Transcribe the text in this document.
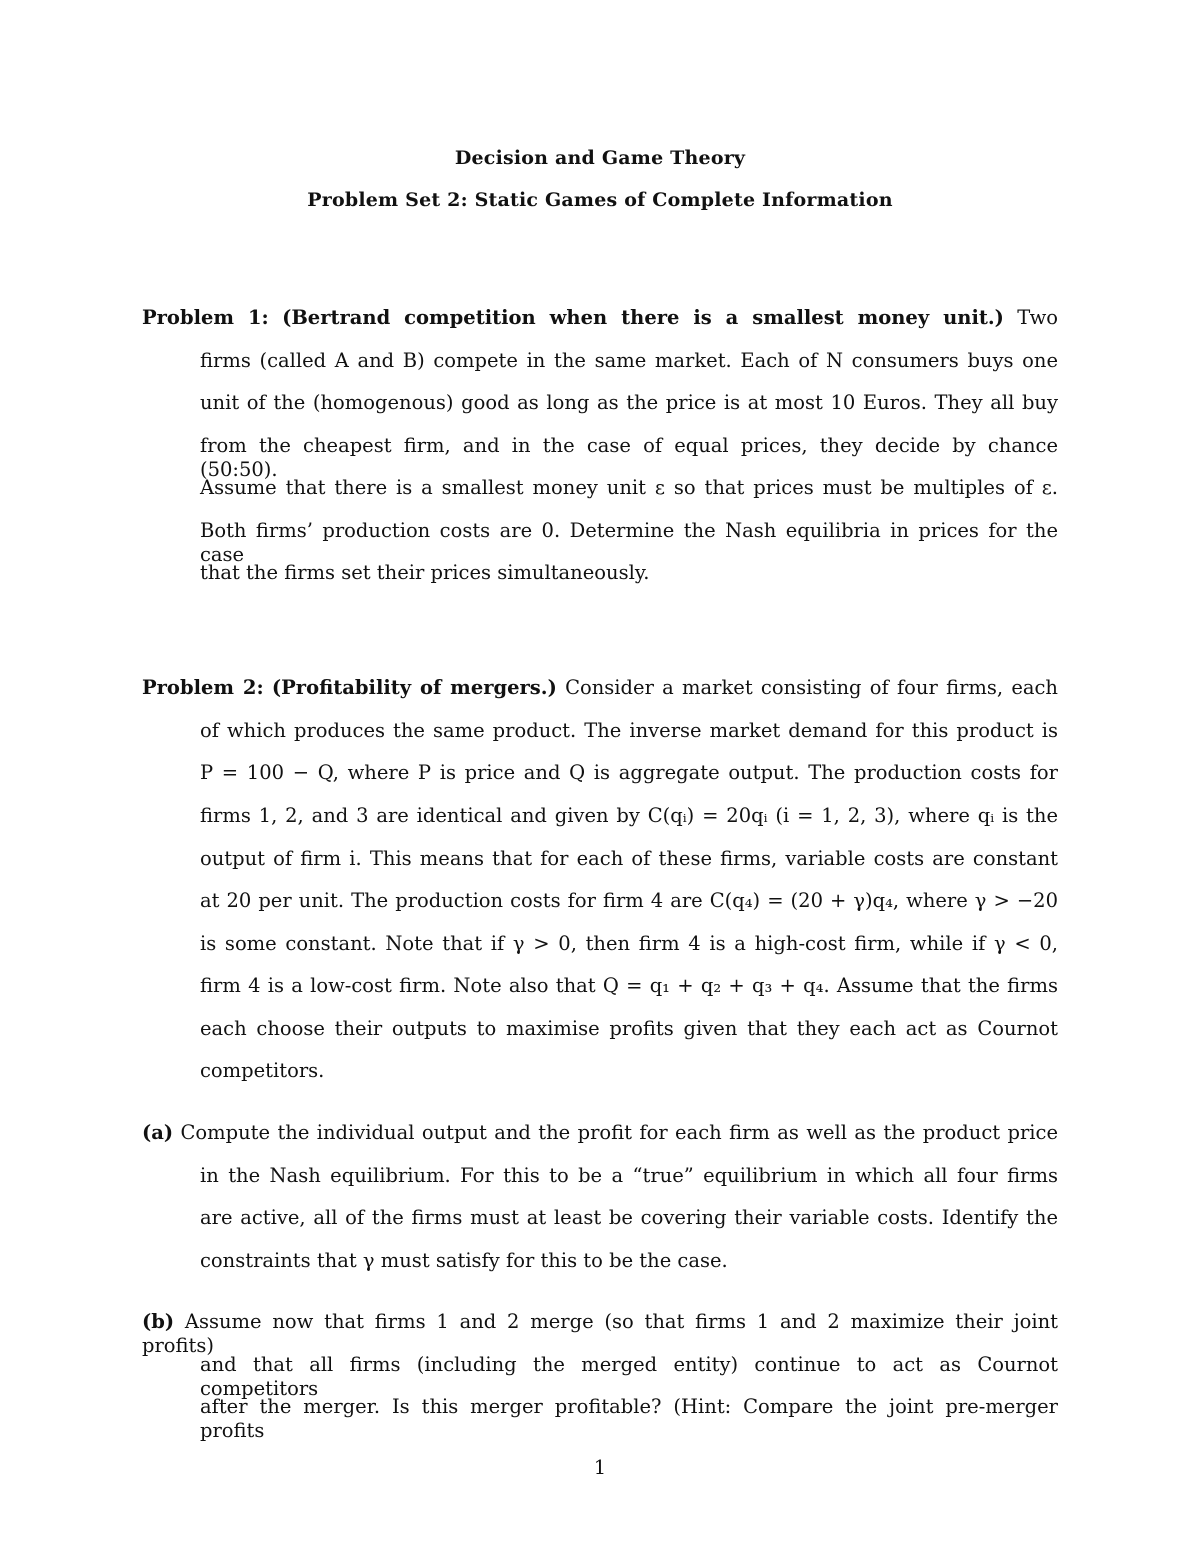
Decision and Game Theory
Problem Set 2: Static Games of Complete Information
Problem 1: (Bertrand competition when there is a smallest money unit.) Two
firms (called A and B) compete in the same market. Each of N consumers buys one
unit of the (homogenous) good as long as the price is at most 10 Euros. They all buy
from the cheapest firm, and in the case of equal prices, they decide by chance (50:50).
Assume that there is a smallest money unit ε so that prices must be multiples of ε.
Both firms’ production costs are 0. Determine the Nash equilibria in prices for the case
that the firms set their prices simultaneously.
Problem 2: (Profitability of mergers.) Consider a market consisting of four firms, each
of which produces the same product. The inverse market demand for this product is
P = 100 − Q, where P is price and Q is aggregate output. The production costs for
firms 1, 2, and 3 are identical and given by C(qᵢ) = 20qᵢ (i = 1, 2, 3), where qᵢ is the
output of firm i. This means that for each of these firms, variable costs are constant
at 20 per unit. The production costs for firm 4 are C(q₄) = (20 + γ)q₄, where γ > −20
is some constant. Note that if γ > 0, then firm 4 is a high-cost firm, while if γ < 0,
firm 4 is a low-cost firm. Note also that Q = q₁ + q₂ + q₃ + q₄. Assume that the firms
each choose their outputs to maximise profits given that they each act as Cournot
competitors.
(a) Compute the individual output and the profit for each firm as well as the product price
in the Nash equilibrium. For this to be a “true” equilibrium in which all four firms
are active, all of the firms must at least be covering their variable costs. Identify the
constraints that γ must satisfy for this to be the case.
(b) Assume now that firms 1 and 2 merge (so that firms 1 and 2 maximize their joint profits)
and that all firms (including the merged entity) continue to act as Cournot competitors
after the merger. Is this merger profitable? (Hint: Compare the joint pre-merger profits
1
